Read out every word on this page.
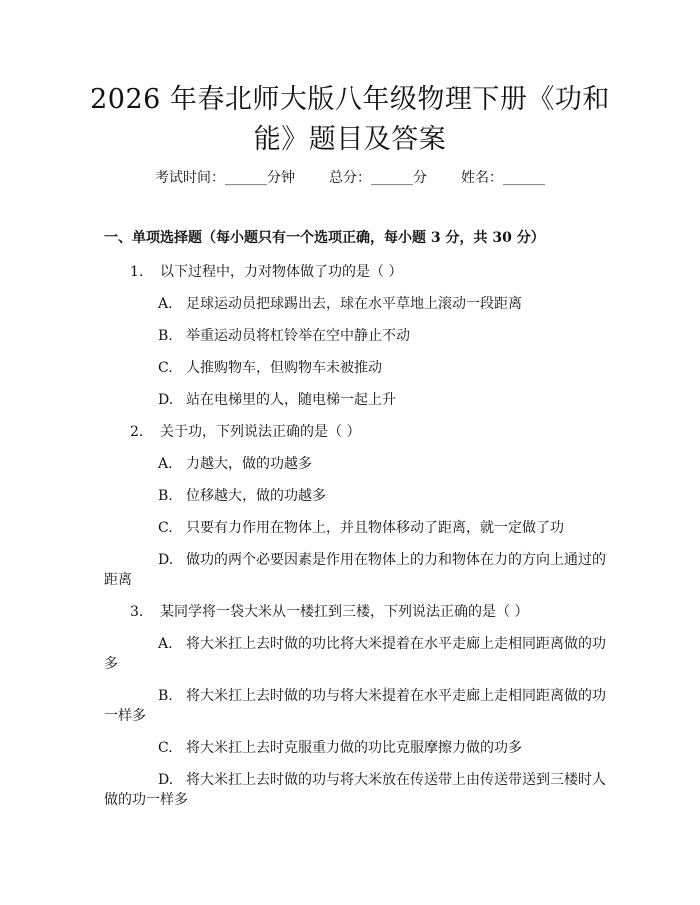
2026 年春北师大版八年级物理下册《功和
能》题目及答案
考试时间：______分钟 总分：______分 姓名：______
一、单项选择题（每小题只有一个选项正确，每小题 3 分，共 30 分）
1. 以下过程中，力对物体做了功的是（ ）
A. 足球运动员把球踢出去，球在水平草地上滚动一段距离
B. 举重运动员将杠铃举在空中静止不动
C. 人推购物车，但购物车未被推动
D. 站在电梯里的人，随电梯一起上升
2. 关于功，下列说法正确的是（ ）
A. 力越大，做的功越多
B. 位移越大，做的功越多
C. 只要有力作用在物体上，并且物体移动了距离，就一定做了功
D. 做功的两个必要因素是作用在物体上的力和物体在力的方向上通过的
距离
3. 某同学将一袋大米从一楼扛到三楼，下列说法正确的是（ ）
A. 将大米扛上去时做的功比将大米提着在水平走廊上走相同距离做的功
多
B. 将大米扛上去时做的功与将大米提着在水平走廊上走相同距离做的功
一样多
C. 将大米扛上去时克服重力做的功比克服摩擦力做的功多
D. 将大米扛上去时做的功与将大米放在传送带上由传送带送到三楼时人
做的功一样多
